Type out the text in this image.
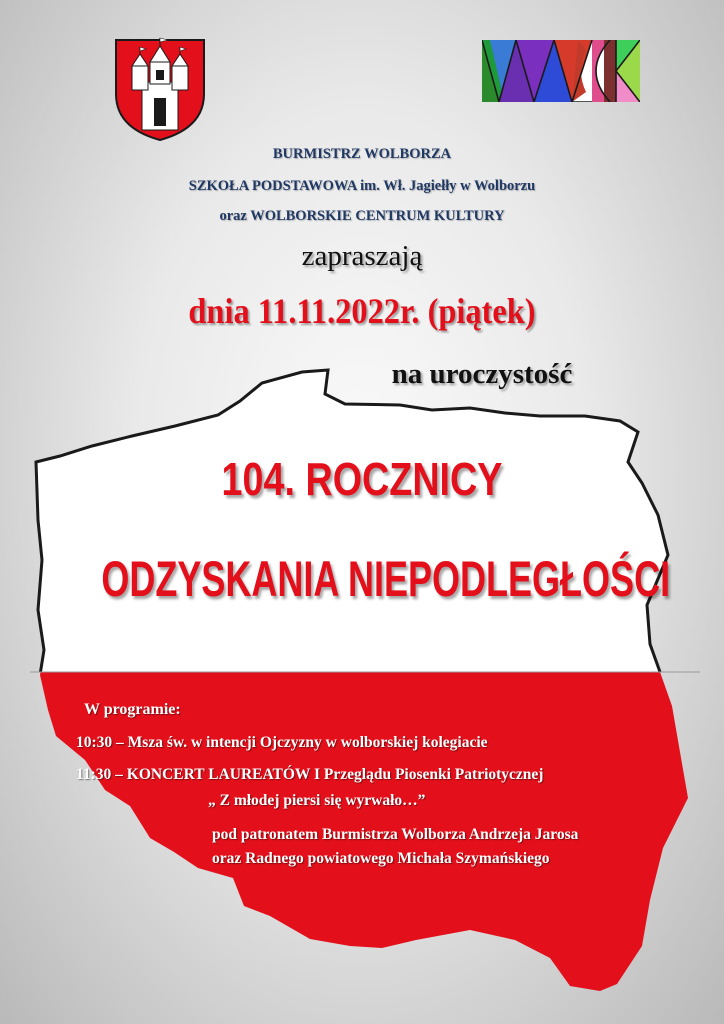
BURMISTRZ WOLBORZA
SZKOŁA PODSTAWOWA im. Wł. Jagiełły w Wolborzu
oraz WOLBORSKIE CENTRUM KULTURY
zapraszają
dnia 11.11.2022r. (piątek)
na uroczystość
104. ROCZNICY
ODZYSKANIA NIEPODLEGŁOŚCI
W programie:
10:30 – Msza św. w intencji Ojczyzny w wolborskiej kolegiacie
11:30 – KONCERT LAUREATÓW I Przeglądu Piosenki Patriotycznej
„ Z młodej piersi się wyrwało…”
pod patronatem Burmistrza Wolborza Andrzeja Jarosa
oraz Radnego powiatowego Michała Szymańskiego
